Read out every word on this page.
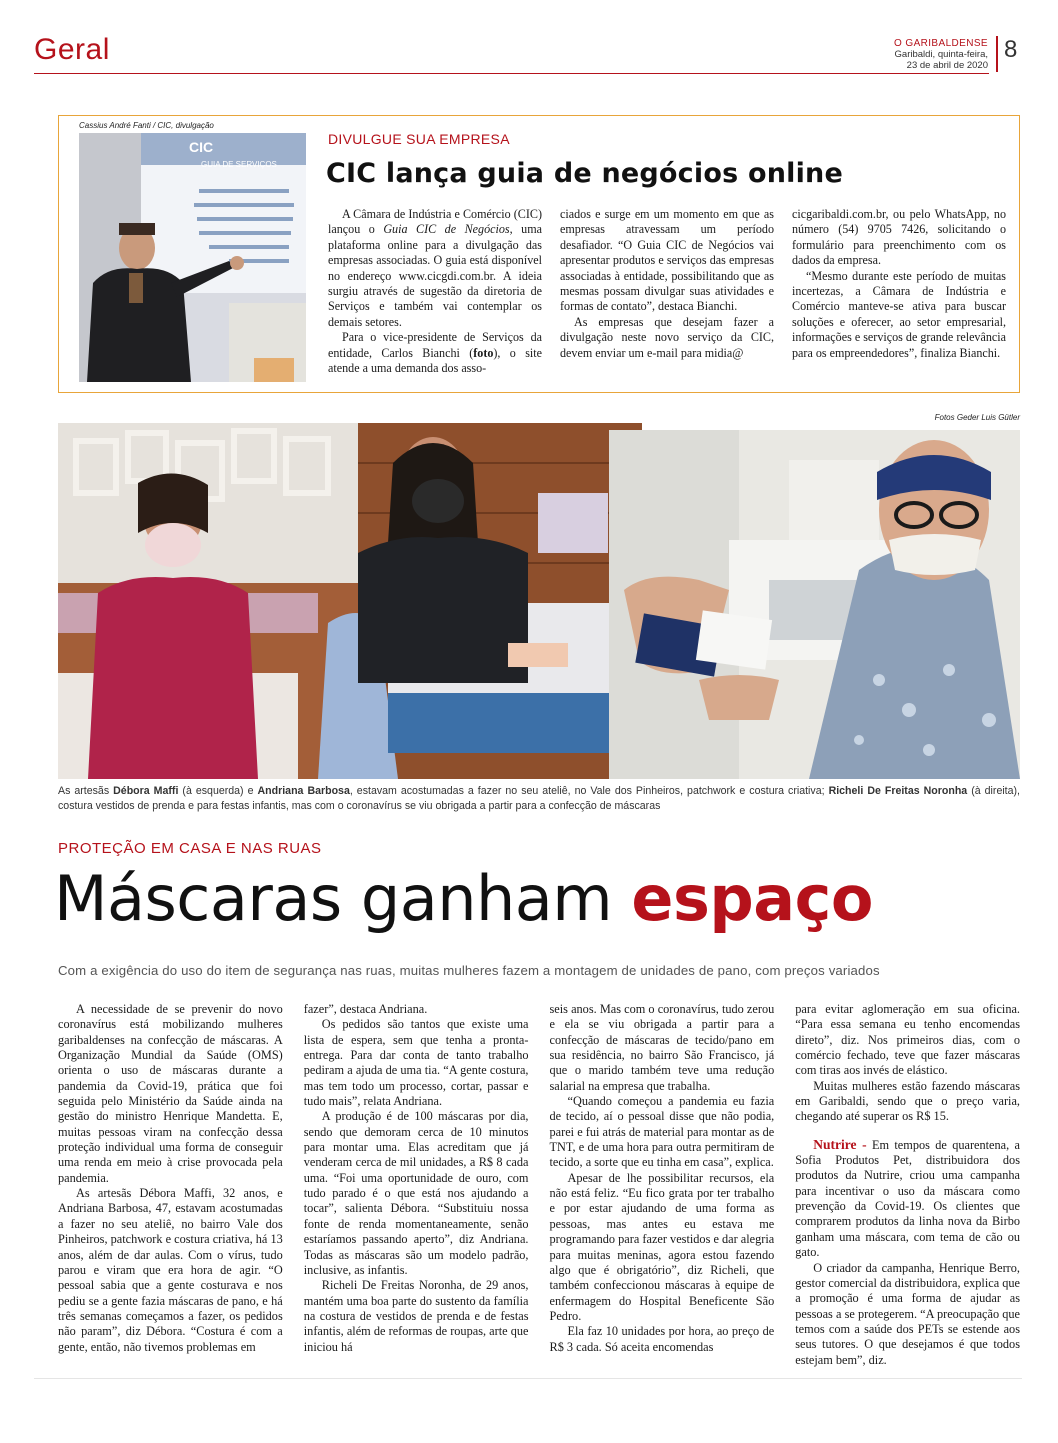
Geral	O GARIBALDENSE
Garibaldi, quinta-feira,
23 de abril de 2020
8
Cassius André Fanti / CIC, divulgação
CIC
GUIA DE SERVIÇOS
DIVULGUE SUA EMPRESA
CIC lança guia de negócios online

A Câmara de Indústria e Comércio (CIC) lançou o Guia CIC de Negócios, uma plataforma online para a divulgação das empresas associadas. O guia está disponível no endereço www.cicgdi.com.br. A ideia surgiu através de sugestão da diretoria de Serviços e também vai contemplar os demais setores.

Para o vice-presidente de Serviços da entidade, Carlos Bianchi (foto), o site atende a uma demanda dos asso-

ciados e surge em um momento em que as empresas atravessam um período desafiador. “O Guia CIC de Negócios vai apresentar produtos e serviços das empresas associadas à entidade, possibilitando que as mesmas possam divulgar suas atividades e formas de contato”, destaca Bianchi.

As empresas que desejam fazer a divulgação neste novo serviço da CIC, devem enviar um e-mail para midia@

cicgaribaldi.com.br, ou pelo WhatsApp, no número (54) 9705 7426, solicitando o formulário para preenchimento com os dados da empresa.

“Mesmo durante este período de muitas incertezas, a Câmara de Indústria e Comércio manteve-se ativa para buscar soluções e oferecer, ao setor empresarial, informações e serviços de grande relevância para os empreendedores”, finaliza Bianchi.

Fotos Geder Luis Gütler
As artesãs Débora Maffi (à esquerda) e Andriana Barbosa, estavam acostumadas a fazer no seu ateliê, no Vale dos Pinheiros, patchwork e costura criativa; Richeli De Freitas Noronha (à direita), costura vestidos de prenda e para festas infantis, mas com o coronavírus se viu obrigada a partir para a confecção de máscaras
PROTEÇÃO EM CASA E NAS RUAS
Máscaras ganham espaço
Com a exigência do uso do item de segurança nas ruas, muitas mulheres fazem a montagem de unidades de pano, com preços variados

A necessidade de se prevenir do novo coronavírus está mobilizando mulheres garibaldenses na confecção de máscaras. A Organização Mundial da Saúde (OMS) orienta o uso de máscaras durante a pandemia da Covid-19, prática que foi seguida pelo Ministério da Saúde ainda na gestão do ministro Henrique Mandetta. E, muitas pessoas viram na confecção dessa proteção individual uma forma de conseguir uma renda em meio à crise provocada pela pandemia.

As artesãs Débora Maffi, 32 anos, e Andriana Barbosa, 47, estavam acostumadas a fazer no seu ateliê, no bairro Vale dos Pinheiros, patchwork e costura criativa, há 13 anos, além de dar aulas. Com o vírus, tudo parou e viram que era hora de agir. “O pessoal sabia que a gente costurava e nos pediu se a gente fazia máscaras de pano, e há três semanas começamos a fazer, os pedidos não param”, diz Débora. “Costura é com a gente, então, não tivemos problemas em

fazer”, destaca Andriana.

Os pedidos são tantos que existe uma lista de espera, sem que tenha a pronta-entrega. Para dar conta de tanto trabalho pediram a ajuda de uma tia. “A gente costura, mas tem todo um processo, cortar, passar e tudo mais”, relata Andriana.

A produção é de 100 máscaras por dia, sendo que demoram cerca de 10 minutos para montar uma. Elas acreditam que já venderam cerca de mil unidades, a R$ 8 cada uma. “Foi uma oportunidade de ouro, com tudo parado é o que está nos ajudando a tocar”, salienta Débora. “Substituiu nossa fonte de renda momentaneamente, senão estaríamos passando aperto”, diz Andriana. Todas as máscaras são um modelo padrão, inclusive, as infantis.

Richeli De Freitas Noronha, de 29 anos, mantém uma boa parte do sustento da família na costura de vestidos de prenda e de festas infantis, além de reformas de roupas, arte que iniciou há

seis anos. Mas com o coronavírus, tudo zerou e ela se viu obrigada a partir para a confecção de máscaras de tecido/pano em sua residência, no bairro São Francisco, já que o marido também teve uma redução salarial na empresa que trabalha.

“Quando começou a pandemia eu fazia de tecido, aí o pessoal disse que não podia, parei e fui atrás de material para montar as de TNT, e de uma hora para outra permitiram de tecido, a sorte que eu tinha em casa”, explica.

Apesar de lhe possibilitar recursos, ela não está feliz. “Eu fico grata por ter trabalho e por estar ajudando de uma forma as pessoas, mas antes eu estava me programando para fazer vestidos e dar alegria para muitas meninas, agora estou fazendo algo que é obrigatório”, diz Richeli, que também confeccionou máscaras à equipe de enfermagem do Hospital Beneficente São Pedro.

Ela faz 10 unidades por hora, ao preço de R$ 3 cada. Só aceita encomendas

para evitar aglomeração em sua oficina. “Para essa semana eu tenho encomendas direto”, diz. Nos primeiros dias, com o comércio fechado, teve que fazer máscaras com tiras aos invés de elástico.

Muitas mulheres estão fazendo máscaras em Garibaldi, sendo que o preço varia, chegando até superar os R$ 15.

Nutrire - Em tempos de quarentena, a Sofia Produtos Pet, distribuidora dos produtos da Nutrire, criou uma campanha para incentivar o uso da máscara como prevenção da Covid-19. Os clientes que comprarem produtos da linha nova da Birbo ganham uma máscara, com tema de cão ou gato.

O criador da campanha, Henrique Berro, gestor comercial da distribuidora, explica que a promoção é uma forma de ajudar as pessoas a se protegerem. “A preocupação que temos com a saúde dos PETs se estende aos seus tutores. O que desejamos é que todos estejam bem”, diz.
